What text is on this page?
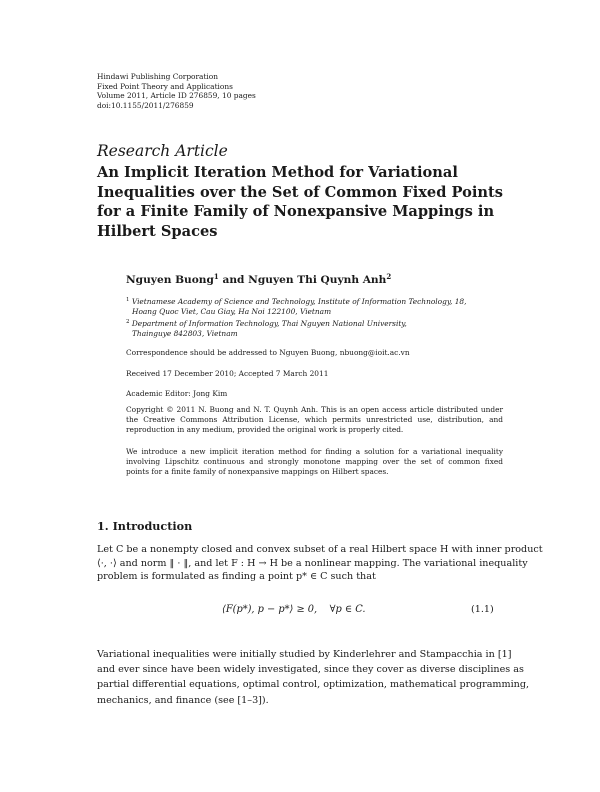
Hindawi Publishing Corporation
Fixed Point Theory and Applications
Volume 2011, Article ID 276859, 10 pages
doi:10.1155/2011/276859
Research Article
An Implicit Iteration Method for Variational
Inequalities over the Set of Common Fixed Points
for a Finite Family of Nonexpansive Mappings in
Hilbert Spaces
Nguyen Buong$^1$ and Nguyen Thi Quynh Anh$^2$
$^1$ Vietnamese Academy of Science and Technology, Institute of Information Technology, 18,
Hoang Quoc Viet, Cau Giay, Ha Noi 122100, Vietnam
$^2$ Department of Information Technology, Thai Nguyen National University,
Thainguye 842803, Vietnam
Correspondence should be addressed to Nguyen Buong, nbuong@ioit.ac.vn
Received 17 December 2010; Accepted 7 March 2011
Academic Editor: Jong Kim
Copyright © 2011 N. Buong and N. T. Quynh Anh. This is an open access article distributed under
the Creative Commons Attribution License, which permits unrestricted use, distribution, and
reproduction in any medium, provided the original work is properly cited.
We introduce a new implicit iteration method for finding a solution for a variational inequality
involving Lipschitz continuous and strongly monotone mapping over the set of common fixed
points for a finite family of nonexpansive mappings on Hilbert spaces.
1. Introduction
Let C be a nonempty closed and convex subset of a real Hilbert space H with inner product
⟨·, ·⟩ and norm ‖ · ‖, and let F : H → H be a nonlinear mapping. The variational inequality
problem is formulated as finding a point p* ∈ C such that
⟨F(p*), p − p*⟩ ≥ 0,    ∀p ∈ C.	(1.1)
Variational inequalities were initially studied by Kinderlehrer and Stampacchia in [1]
and ever since have been widely investigated, since they cover as diverse disciplines as
partial differential equations, optimal control, optimization, mathematical programming,
mechanics, and finance (see [1–3]).
